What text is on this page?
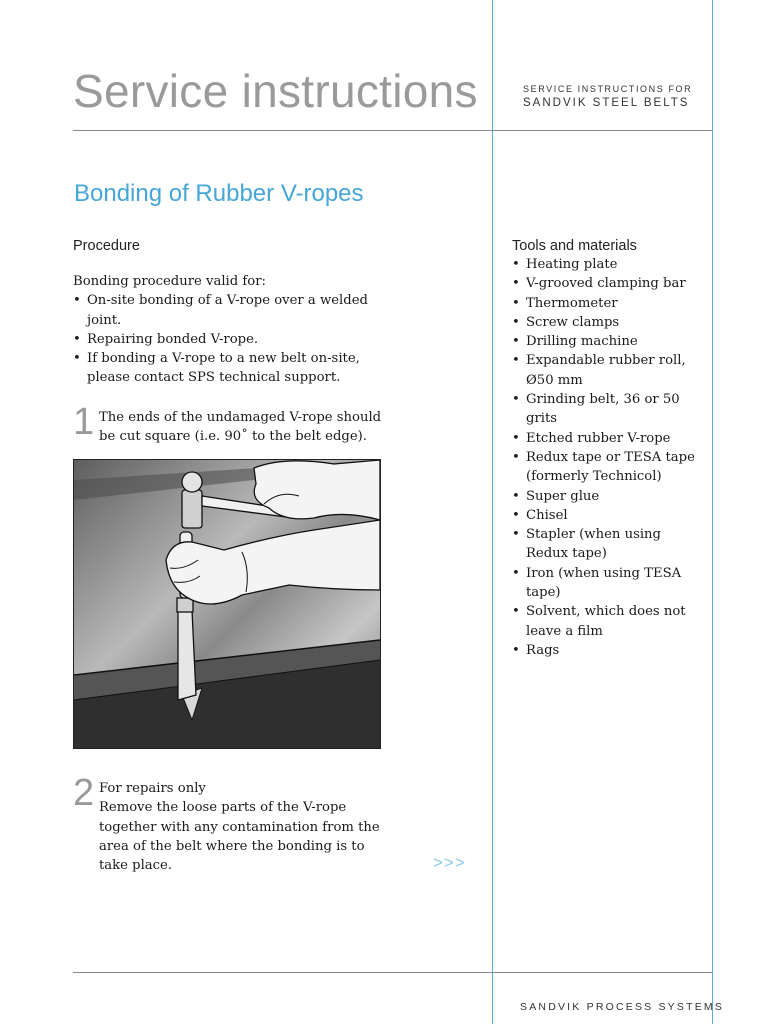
Service instructions	SERVICE INSTRUCTIONS FOR
SANDVIK STEEL BELTS
Bonding of Rubber V-ropes
Procedure
Bonding procedure valid for:
• On-site bonding of a V-rope over a welded joint.
• Repairing bonded V-rope.
• If bonding a V-rope to a new belt on-site, please contact SPS technical support.
1 The ends of the undamaged V-rope should be cut square (i.e. 90˚ to the belt edge).
2 For repairs only
Remove the loose parts of the V-rope together with any contamination from the area of the belt where the bonding is to take place.	>>>
Tools and materials
• Heating plate
• V-grooved clamping bar
• Thermometer
• Screw clamps
• Drilling machine
• Expandable rubber roll, Ø50 mm
• Grinding belt, 36 or 50 grits
• Etched rubber V-rope
• Redux tape or TESA tape (formerly Technicol)
• Super glue
• Chisel
• Stapler (when using Redux tape)
• Iron (when using TESA tape)
• Solvent, which does not leave a film
• Rags
SANDVIK PROCESS SYSTEMS
